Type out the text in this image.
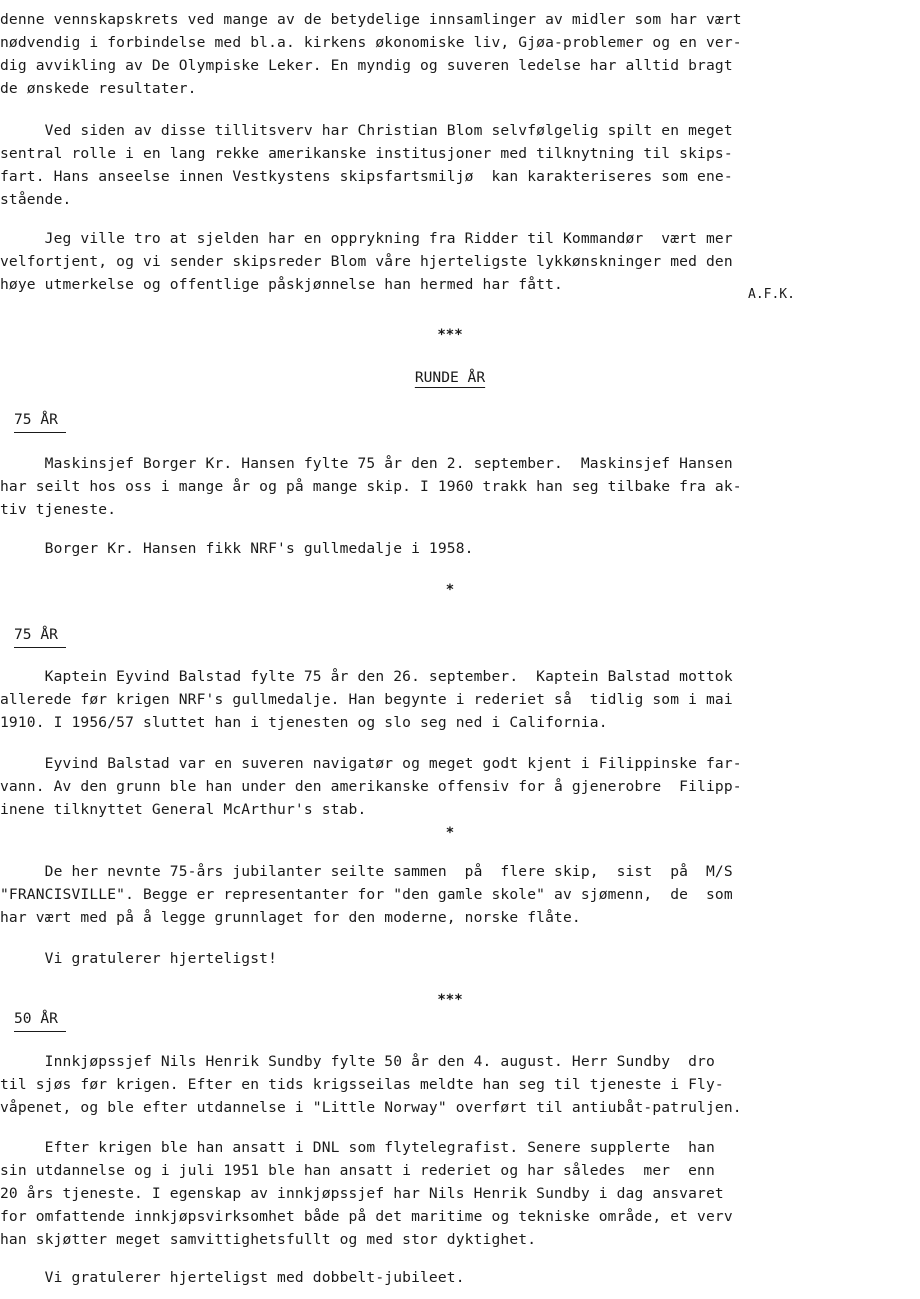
denne vennskapskrets ved mange av de betydelige innsamlinger av midler som har vært
nødvendig i forbindelse med bl.a. kirkens økonomiske liv, Gjøa-problemer og en ver-
dig avvikling av De Olympiske Leker. En myndig og suveren ledelse har alltid bragt
de ønskede resultater.
Ved siden av disse tillitsverv har Christian Blom selvfølgelig spilt en meget
sentral rolle i en lang rekke amerikanske institusjoner med tilknytning til skips-
fart. Hans anseelse innen Vestkystens skipsfartsmiljø  kan karakteriseres som ene-
stående.
Jeg ville tro at sjelden har en opprykning fra Ridder til Kommandør  vært mer
velfortjent, og vi sender skipsreder Blom våre hjerteligste lykkønskninger med den
høye utmerkelse og offentlige påskjønnelse han hermed har fått.
A.F.K.
***
RUNDE ÅR
75 ÅR
Maskinsjef Borger Kr. Hansen fylte 75 år den 2. september.  Maskinsjef Hansen
har seilt hos oss i mange år og på mange skip. I 1960 trakk han seg tilbake fra ak-
tiv tjeneste.
Borger Kr. Hansen fikk NRF's gullmedalje i 1958.
*
75 ÅR
Kaptein Eyvind Balstad fylte 75 år den 26. september.  Kaptein Balstad mottok
allerede før krigen NRF's gullmedalje. Han begynte i rederiet så  tidlig som i mai
1910. I 1956/57 sluttet han i tjenesten og slo seg ned i California.
Eyvind Balstad var en suveren navigatør og meget godt kjent i Filippinske far-
vann. Av den grunn ble han under den amerikanske offensiv for å gjenerobre  Filipp-
inene tilknyttet General McArthur's stab.
*
De her nevnte 75-års jubilanter seilte sammen  på  flere skip,  sist  på  M/S
"FRANCISVILLE". Begge er representanter for "den gamle skole" av sjømenn,  de  som
har vært med på å legge grunnlaget for den moderne, norske flåte.
Vi gratulerer hjerteligst!
***
50 ÅR
Innkjøpssjef Nils Henrik Sundby fylte 50 år den 4. august. Herr Sundby  dro
til sjøs før krigen. Efter en tids krigsseilas meldte han seg til tjeneste i Fly-
våpenet, og ble efter utdannelse i "Little Norway" overført til antiubåt-patruljen.
Efter krigen ble han ansatt i DNL som flytelegrafist. Senere supplerte  han
sin utdannelse og i juli 1951 ble han ansatt i rederiet og har således  mer  enn
20 års tjeneste. I egenskap av innkjøpssjef har Nils Henrik Sundby i dag ansvaret
for omfattende innkjøpsvirksomhet både på det maritime og tekniske område, et verv
han skjøtter meget samvittighetsfullt og med stor dyktighet.
Vi gratulerer hjerteligst med dobbelt-jubileet.
